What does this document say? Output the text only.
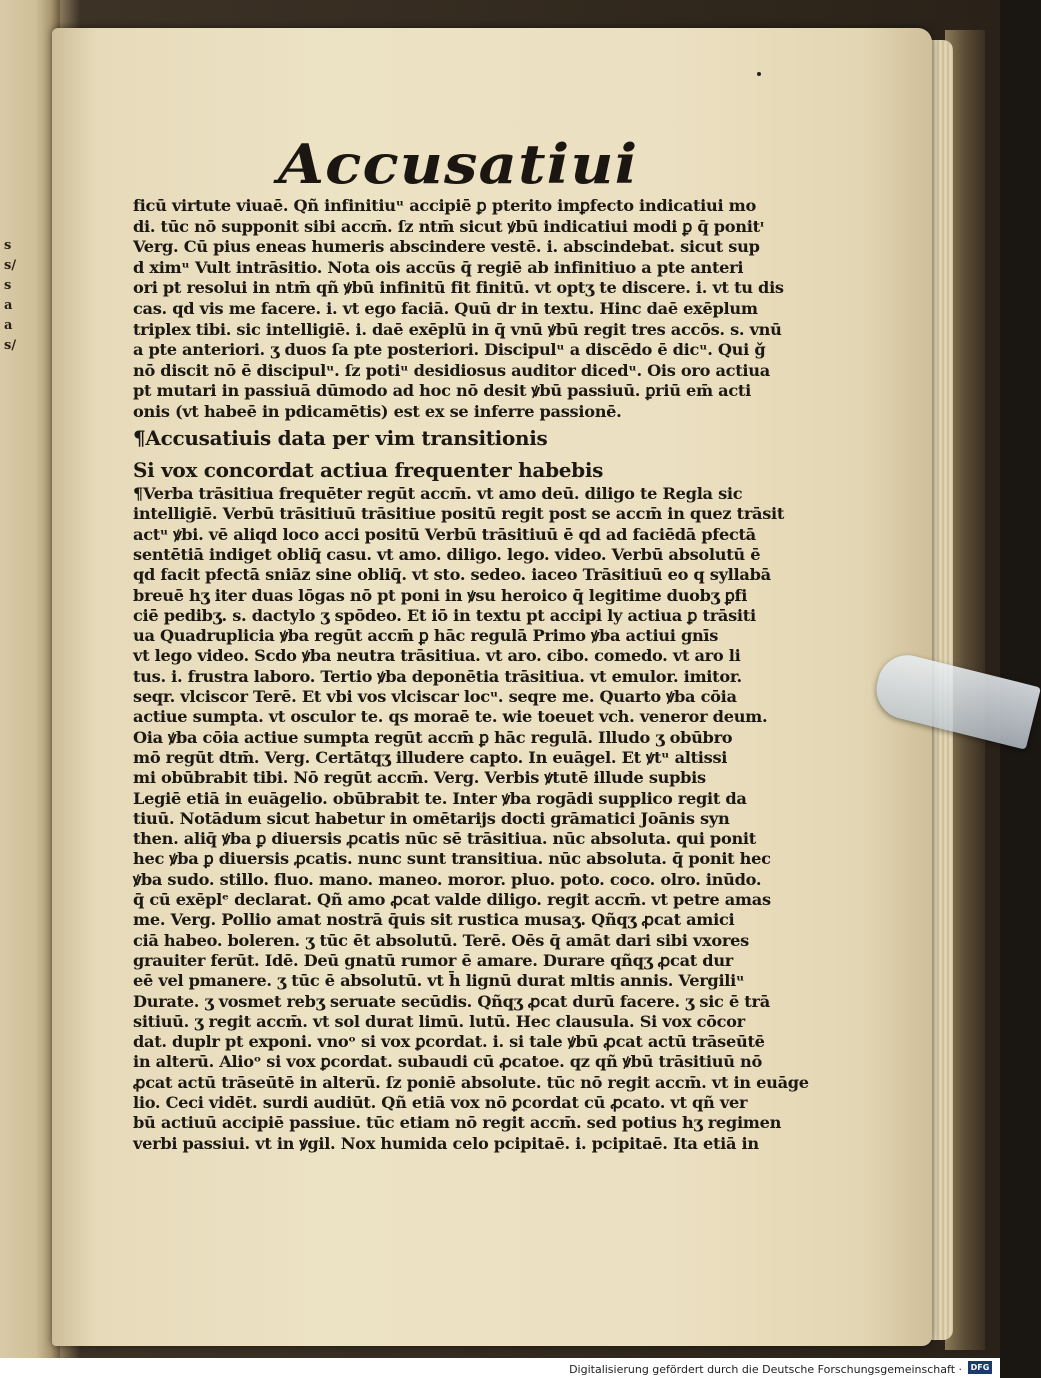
s
s/
s
a
a
s/
Accusatiui
ficū virtute viuaē. Qñ infinitiuᵘ accipiē ꝑ pterito imꝑfecto indicatiui mo
di. tūc nō supponit sibi accm̄. ſz ntm̄ sicut ꝟbū indicatiui modi ꝑ q̄ ponitᶦ
Verg. Cū pius eneas humeris abscindere vestē. i. abscindebat. sicut sup
d ximᵘ Vult intrāsitio. Nota ois accūs q̄ regiē ab infinitiuo a pte anteri
ori pt resolui in ntm̄ qñ ꝟbū infinitū fit finitū. vt optʒ te discere. i. vt tu dis
cas. qd vis me facere. i. vt ego faciā. Quū dr in textu. Hinc daē exēplum
triplex tibi. sic intelligiē. i. daē exēplū in q̄ vnū ꝟbū regit tres accōs. s. vnū
a pte anteriori. ʒ duos ſa pte posteriori. Discipulᵘ a discēdo ē dicᵘ. Qui ǧ
nō discit nō ē discipulᵘ. ſz potiᵘ desidiosus auditor dicedᵘ. Ois oro actiua
pt mutari in passiuā dūmodo ad hoc nō desit ꝟbū passiuū. ꝑriū em̄ acti
onis (vt habeē in pdicamētis) est ex se inferre passionē.
¶Accusatiuis data per vim transitionis
Si vox concordat actiua frequenter habebis
¶Verba trāsitiua frequēter regūt accm̄. vt amo deū. diligo te Regla sic
intelligiē. Verbū trāsitiuū trāsitiue positū regit post se accm̄ in quez trāsit
actᵘ ꝟbi. vē aliqd loco acci positū Verbū trāsitiuū ē qd ad faciēdā pfectā
sentētiā indiget obliq̄ casu. vt amo. diligo. lego. video. Verbū absolutū ē
qd facit pfectā sniāz sine obliq̄. vt sto. sedeo. iaceo Trāsitiuū eo q syllabā
breuē hʒ iter duas lōgas nō pt poni in ꝟsu heroico q̄ legitime duobʒ ꝑfi
ciē pedibʒ. s. dactylo ʒ spōdeo. Et iō in textu pt accipi ly actiua ꝑ trāsiti
ua Quadruplicia ꝟba regūt accm̄ ꝑ hāc regulā Primo ꝟba actiui gnīs
vt lego video. Scdo ꝟba neutra trāsitiua. vt aro. cibo. comedo. vt aro li
tus. i. frustra laboro. Tertio ꝟba deponētia trāsitiua. vt emulor. imitor.
seqr. vlciscor Terē. Et vbi vos vlciscar locᵘ. seqre me. Quarto ꝟba cōia
actiue sumpta. vt osculor te. qs moraē te. wie toeuet vch. veneror deum.
Oia ꝟba cōia actiue sumpta regūt accm̄ ꝑ hāc regulā. Illudo ʒ obūbro
mō regūt dtm̄. Verg. Certātqʒ illudere capto. In euāgel. Et ꝟtᵘ altissi
mi obūbrabit tibi. Nō regūt accm̄. Verg. Verbis ꝟtutē illude supbis
Legiē etiā in euāgelio. obūbrabit te. Inter ꝟba rogādi supplico regit da
tiuū. Notādum sicut habetur in omētarijs docti grāmatici Joānis syn
then. aliq̄ ꝟba ꝑ diuersis ꝓcatis nūc sē trāsitiua. nūc absoluta. qui ponit
hec ꝟba ꝑ diuersis ꝓcatis. nunc sunt transitiua. nūc absoluta. q̄ ponit hec
ꝟba sudo. stillo. fluo. mano. maneo. moror. pluo. poto. coco. olro. inūdo.
q̄ cū exēplᵉ declarat. Qñ amo ꝓcat valde diligo. regit accm̄. vt petre amas
me. Verg. Pollio amat nostrā q̄uis sit rustica musaʒ. Qñqʒ ꝓcat amici
ciā habeo. boleren. ʒ tūc ēt absolutū. Terē. Oēs q̄ amāt dari sibi vxores
grauiter ferūt. Idē. Deū gnatū rumor ē amare. Durare qñqʒ ꝓcat dur
eē vel pmanere. ʒ tūc ē absolutū. vt h̄ lignū durat mltis annis. Vergiliᵘ
Durate. ʒ vosmet rebʒ seruate secūdis. Qñqʒ ꝓcat durū facere. ʒ sic ē trā
sitiuū. ʒ regit accm̄. vt sol durat limū. lutū. Hec clausula. Si vox cōcor
dat. duplr pt exponi. vnoᵒ si vox ꝑcordat. i. si tale ꝟbū ꝓcat actū trāseūtē
in alterū. Alioᵒ si vox ꝑcordat. subaudi cū ꝓcatoe. qz qñ ꝟbū trāsitiuū nō
ꝓcat actū trāseūtē in alterū. ſz poniē absolute. tūc nō regit accm̄. vt in euāge
lio. Ceci vidēt. surdi audiūt. Qñ etiā vox nō ꝑcordat cū ꝓcato. vt qñ ver
bū actiuū accipiē passiue. tūc etiam nō regit accm̄. sed potius hʒ regimen
verbi passiui. vt in ꝟgil. Nox humida celo pcipitaē. i. pcipitaē. Ita etiā in
Digitalisierung gefördert durch die Deutsche Forschungsgemeinschaft ·	DFG
